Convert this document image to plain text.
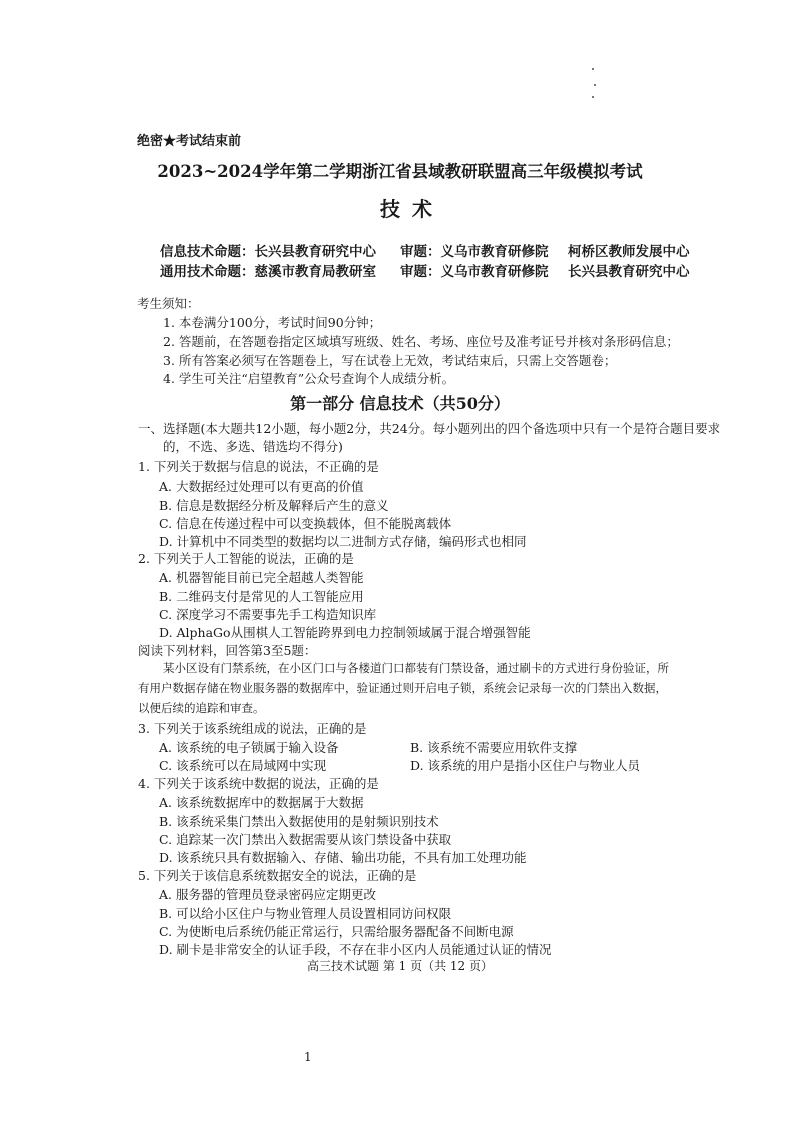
绝密★考试结束前
2023~2024学年第二学期浙江省县域教研联盟高三年级模拟考试
技术
信息技术命题：长兴县教育研究中心 审题：义乌市教育研修院 柯桥区教师发展中心
通用技术命题：慈溪市教育局教研室 审题：义乌市教育研修院 长兴县教育研究中心
考生须知：
1. 本卷满分100分，考试时间90分钟；
2. 答题前，在答题卷指定区域填写班级、姓名、考场、座位号及准考证号并核对条形码信息；
3. 所有答案必须写在答题卷上，写在试卷上无效，考试结束后，只需上交答题卷；
4. 学生可关注“启望教育”公众号查询个人成绩分析。
第一部分 信息技术（共50分）
一、选择题(本大题共12小题，每小题2分，共24分。每小题列出的四个备选项中只有一个是符合题目要求
的，不选、多选、错选均不得分)
1. 下列关于数据与信息的说法，不正确的是
A. 大数据经过处理可以有更高的价值
B. 信息是数据经分析及解释后产生的意义
C. 信息在传递过程中可以变换载体，但不能脱离载体
D. 计算机中不同类型的数据均以二进制方式存储，编码形式也相同
2. 下列关于人工智能的说法，正确的是
A. 机器智能目前已完全超越人类智能
B. 二维码支付是常见的人工智能应用
C. 深度学习不需要事先手工构造知识库
D. AlphaGo从围棋人工智能跨界到电力控制领域属于混合增强智能
阅读下列材料，回答第3至5题：
某小区设有门禁系统，在小区门口与各楼道门口都装有门禁设备，通过刷卡的方式进行身份验证，所
有用户数据存储在物业服务器的数据库中，验证通过则开启电子锁，系统会记录每一次的门禁出入数据，
以便后续的追踪和审查。
3. 下列关于该系统组成的说法，正确的是
A. 该系统的电子锁属于输入设备	B. 该系统不需要应用软件支撑
C. 该系统可以在局域网中实现	D. 该系统的用户是指小区住户与物业人员
4. 下列关于该系统中数据的说法，正确的是
A. 该系统数据库中的数据属于大数据
B. 该系统采集门禁出入数据使用的是射频识别技术
C. 追踪某一次门禁出入数据需要从该门禁设备中获取
D. 该系统只具有数据输入、存储、输出功能，不具有加工处理功能
5. 下列关于该信息系统数据安全的说法，正确的是
A. 服务器的管理员登录密码应定期更改
B. 可以给小区住户与物业管理人员设置相同访问权限
C. 为使断电后系统仍能正常运行，只需给服务器配备不间断电源
D. 刷卡是非常安全的认证手段，不存在非小区内人员能通过认证的情况
高三技术试题 第 1 页（共 12 页）
1
